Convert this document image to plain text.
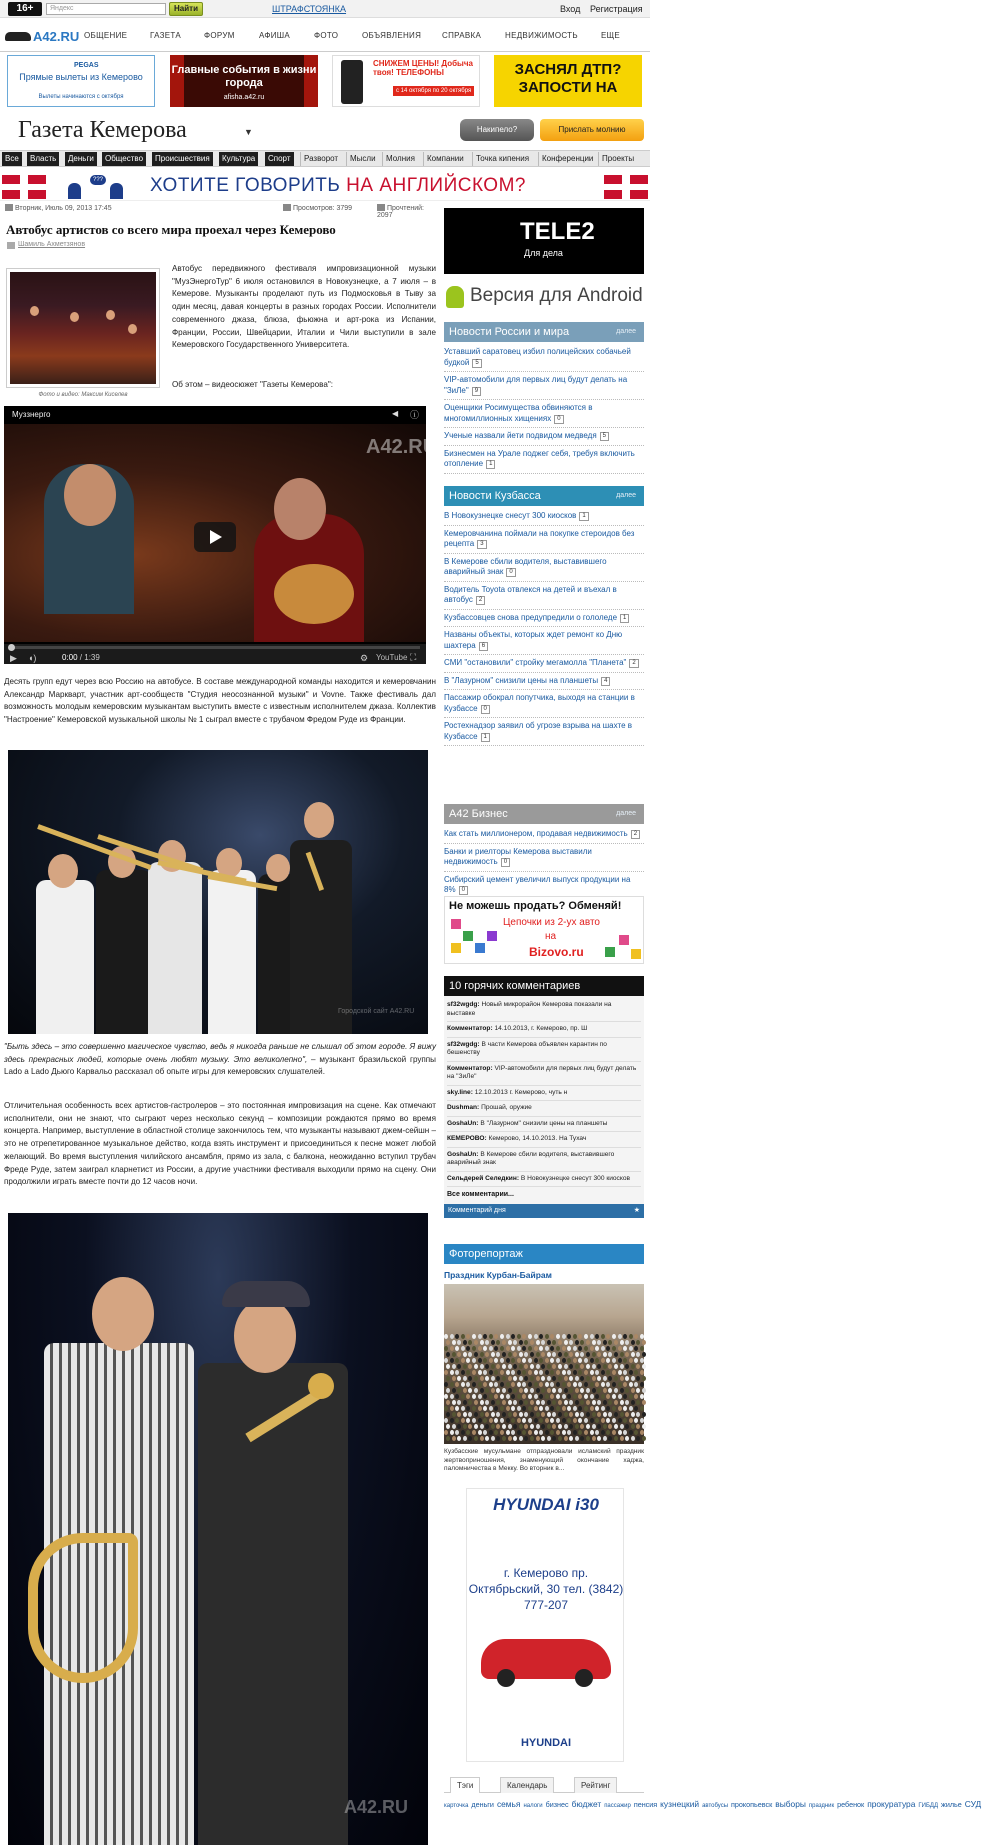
16+	Яндекс	Найти	ШТРАФСТОЯНКА	Вход Регистрация
A42.RU ОБЩЕНИЕ	ГАЗЕТА	ФОРУМ	АФИША	ФОТО	ОБЪЯВЛЕНИЯ	СПРАВКА	НЕДВИЖИМОСТЬ	ЕЩЕ
PEGAS
Прямые вылеты из Кемерово
Вылеты начинаются с октября
Главные события в жизни города
afisha.a42.ru
СНИЖЕМ ЦЕНЫ! Добыча твоя! ТЕЛЕФОНЫ
с 14 октября по 20 октября
ЗАСНЯЛ ДТП? ЗАПОСТИ НА
Газета Кемерова	▼	Накипело?	Прислать молнию
Все	Власть	Деньги	Общество	Происшествия	Культура	Спорт	Разворот	Мысли	Молния	Компании	Точка кипения	Конференции	Проекты
??? ХОТИТЕ ГОВОРИТЬ НА АНГЛИЙСКОМ?
Вторник, Июль 09, 2013 17:45	Просмотров: 3799	Прочтений: 2097
Автобус артистов со всего мира проехал через Кемерово
Шамиль Ахметзянов
Фото и видео: Максим Киселев
Автобус передвижного фестиваля импровизационной музыки "МузЭнергоТур" 6 июля остановился в Новокузнецке, а 7 июля – в Кемерове. Музыканты проделают путь из Подмосковья в Тыву за один месяц, давая концерты в разных городах России. Исполнители современного джаза, блюза, фьюжна и арт-рока из Испании, Франции, России, Швейцарии, Италии и Чили выступили в зале Кемеровского Государственного Университета.
Об этом – видеосюжет "Газеты Кемерова":
Муззнерго	◀ ⓘ
A42.RU
▶ ◖)	0:00 / 1:39	⚙ YouTube ⛶
Десять групп едут через всю Россию на автобусе. В составе международной команды находится и кемеровчанин Александр Маркварт, участник арт-сообществ "Студия неосознанной музыки" и Vovne. Также фестиваль дал возможность молодым кемеровским музыкантам выступить вместе с известным исполнителем джаза. Коллектив "Настроение" Кемеровской музыкальной школы № 1 сыграл вместе с трубачом Фредом Руде из Франции.
Городской сайт A42.RU
"Быть здесь – это совершенно магическое чувство, ведь я никогда раньше не слышал об этом городе. Я вижу здесь прекрасных людей, которые очень любят музыку. Это великолепно", – музыкант бразильской группы Lado a Lado Дьюго Карвальо рассказал об опыте игры для кемеровских слушателей.
Отличительная особенность всех артистов-гастролеров – это постоянная импровизация на сцене. Как отмечают исполнители, они не знают, что сыграют через несколько секунд – композиции рождаются прямо во время концерта. Например, выступление в областной столице закончилось тем, что музыканты называют джем-сейшн – это не отрепетированное музыкальное действо, когда взять инструмент и присоединиться к песне может любой желающий. Во время выступления чилийского ансамбля, прямо из зала, с балкона, неожиданно вступил трубач Фреде Руде, затем заиграл кларнетист из России, а другие участники фестиваля выходили прямо на сцену. Они продолжили играть вместе почти до 12 часов ночи.
A42.RU
TELE2
Для дела
Версия для Android
Новости России и мира	далее
Уставший саратовец избил полицейских собачьей будкой 5
VIP-автомобили для первых лиц будут делать на "ЗиЛе" 9
Оценщики Росимущества обвиняются в многомиллионных хищениях 0
Ученые назвали йети подвидом медведя 5
Бизнесмен на Урале поджег себя, требуя включить отопление 1
Новости Кузбасса	далее
В Новокузнецке снесут 300 киосков 1
Кемеровчанина поймали на покупке стероидов без рецепта 3
В Кемерове сбили водителя, выставившего аварийный знак 0
Водитель Toyota отвлекся на детей и въехал в автобус 2
Кузбассовцев снова предупредили о гололеде 1
Названы объекты, которых ждет ремонт ко Дню шахтера 6
СМИ "остановили" стройку мегамолла "Планета" 2
В "Лазурном" снизили цены на планшеты 4
Пассажир обокрал попутчика, выходя на станции в Кузбассе 0
Ростехнадзор заявил об угрозе взрыва на шахте в Кузбассе 1
А42 Бизнес	далее
Как стать миллионером, продавая недвижимость 2
Банки и риелторы Кемерова выставили недвижимость 0
Сибирский цемент увеличил выпуск продукции на 8% 0
Не можешь продать? Обменяй!
Цепочки из 2-ух авто
на
Bizovo.ru
10 горячих комментариев
sf32wgdg: Новый микрорайон Кемерова показали на выставке
Комментатор: 14.10.2013, г. Кемерово, пр. Ш
sf32wgdg: В части Кемерова объявлен карантин по бешенству
Комментатор: VIP-автомобили для первых лиц будут делать на "ЗиЛе"
sky.line: 12.10.2013 г. Кемерово, чуть н
Dushman: Прошай, оружие
GoshaUn: В "Лазурном" снизили цены на планшеты
КЕМЕРОВО: Кемерово, 14.10.2013. На Тухач
GoshaUn: В Кемерове сбили водителя, выставившего аварийный знак
Сельдерей Селедкин: В Новокузнецке снесут 300 киосков
Все комментарии...
Комментарий дня	★
Фоторепортаж
Праздник Курбан-Байрам
Кузбасские мусульмане отпраздновали исламский праздник жертвоприношения, знаменующий окончание хаджа, паломничества в Мекку. Во вторник в...
HYUNDAI i30
г. Кемерово пр. Октябрьский, 30 тел. (3842) 777-207
HYUNDAI
Тэги	Календарь	Рейтинг
карточка деньги семья налоги бизнес бюджет пассажир пенсия кузнецкий автобусы прокопьевск выборы праздник ребенок прокуратура ГИБДД жилье СУД
